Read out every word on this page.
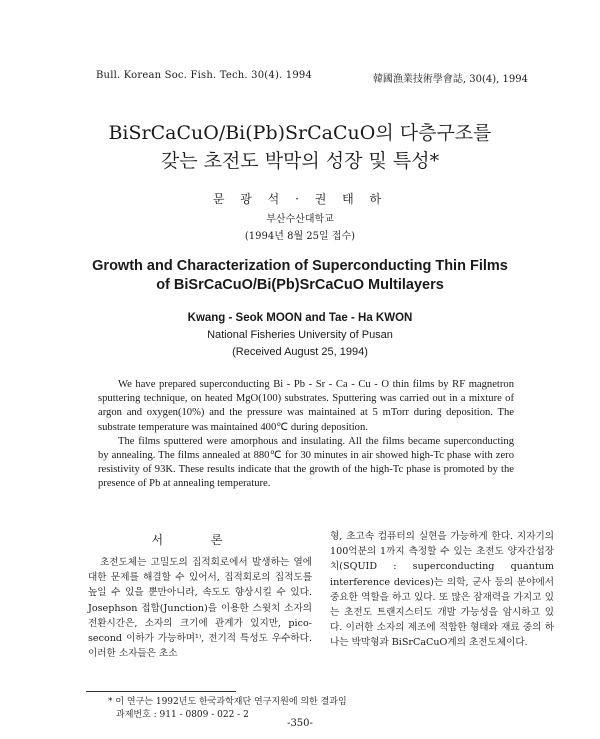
Bull. Korean Soc. Fish. Tech. 30(4). 1994	韓國漁業技術學會誌, 30(4), 1994
BiSrCaCuO/Bi(Pb)SrCaCuO의 다층구조를
갖는 초전도 박막의 성장 및 특성*
문 광 석 · 권 태 하
부산수산대학교
(1994년 8월 25일 접수)
Growth and Characterization of Superconducting Thin Films
of BiSrCaCuO/Bi(Pb)SrCaCuO Multilayers
Kwang - Seok MOON and Tae - Ha KWON
National Fisheries University of Pusan
(Received August 25, 1994)

We have prepared superconducting Bi - Pb - Sr - Ca - Cu - O thin films by RF magnetron sputtering technique, on heated MgO(100) substrates. Sputtering was carried out in a mixture of argon and oxygen(10%) and the pressure was maintained at 5 mTorr during deposition. The substrate temperature was maintained 400℃ during deposition.

The films sputtered were amorphous and insulating. All the films became superconducting by annealing. The films annealed at 880℃ for 30 minutes in air showed high-Tc phase with zero resistivity of 93K. These results indicate that the growth of the high-Tc phase is promoted by the presence of Pb at annealing temperature.

서 론
초전도체는 고밀도의 집적회로에서 발생하는 열에 대한 문제를 해결할 수 있어서, 집적회로의 집적도를 높일 수 있을 뿐만아니라, 속도도 향상시킬 수 있다. Josephson 접합(Junction)을 이용한 스윗치 소자의 전환시간은, 소자의 크기에 관계가 있지만, pico-second 이하가 가능하며¹⁾, 전기적 특성도 우수하다. 이러한 소자들은 초소
형, 초고속 컴퓨터의 실현을 가능하게 한다. 지자기의 100억분의 1까지 측정할 수 있는 초전도 양자간섭장치(SQUID : superconducting quantum interference devices)는 의학, 군사 등의 분야에서 중요한 역할을 하고 있다. 또 많은 잠재력을 가지고 있는 초전도 트랜지스터도 개발 가능성을 암시하고 있다. 이러한 소자의 제조에 적합한 형태와 재료 중의 하나는 박막형과 BiSrCaCuO계의 초전도체이다.
* 이 연구는 1992년도 한국과학재단 연구지원에 의한 결과임
과제번호 : 911 - 0809 - 022 - 2
-350-
